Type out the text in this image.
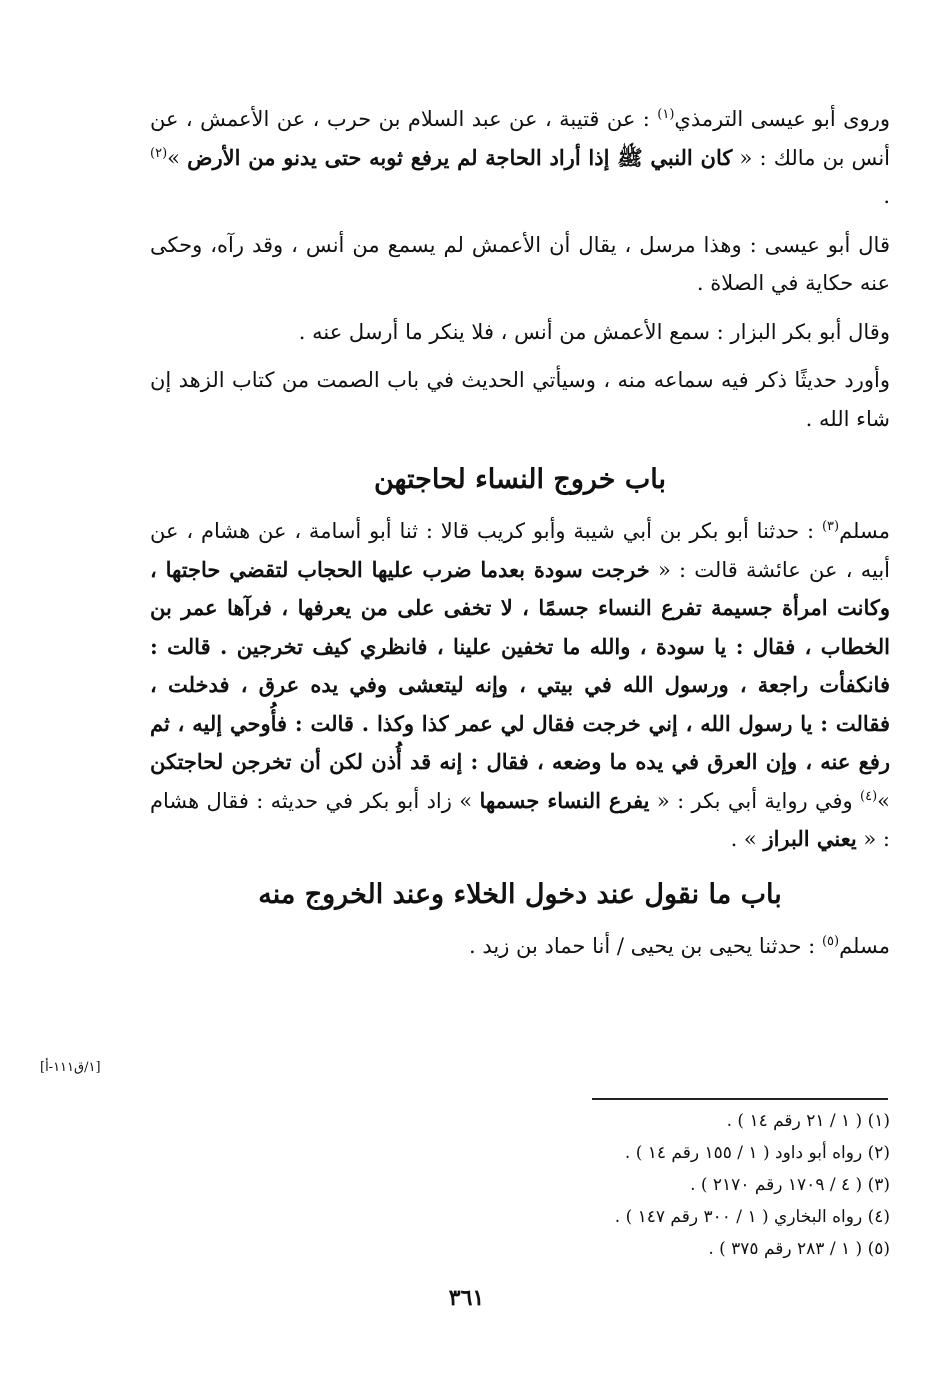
وروى أبو عيسى الترمذي$^{(١)}$ : عن قتيبة ، عن عبد السلام بن حرب ، عن الأعمش ، عن أنس بن مالك : « كان النبي ﷺ إذا أراد الحاجة لم يرفع ثوبه حتى يدنو من الأرض »$^{(٢)}$ .

قال أبو عيسى : وهذا مرسل ، يقال أن الأعمش لم يسمع من أنس ، وقد رآه، وحكى عنه حكاية في الصلاة .

وقال أبو بكر البزار : سمع الأعمش من أنس ، فلا ينكر ما أرسل عنه .

وأورد حديثًا ذكر فيه سماعه منه ، وسيأتي الحديث في باب الصمت من كتاب الزهد إن شاء الله .

باب خروج النساء لحاجتهن

مسلم$^{(٣)}$ : حدثنا أبو بكر بن أبي شيبة وأبو كريب قالا : ثنا أبو أسامة ، عن هشام ، عن أبيه ، عن عائشة قالت : « خرجت سودة بعدما ضرب عليها الحجاب لتقضي حاجتها ، وكانت امرأة جسيمة تفرع النساء جسمًا ، لا تخفى على من يعرفها ، فرآها عمر بن الخطاب ، فقال : يا سودة ، والله ما تخفين علينا ، فانظري كيف تخرجين . قالت : فانكفأت راجعة ، ورسول الله في بيتي ، وإنه ليتعشى وفي يده عرق ، فدخلت ، فقالت : يا رسول الله ، إني خرجت فقال لي عمر كذا وكذا . قالت : فأُوحي إليه ، ثم رفع عنه ، وإن العرق في يده ما وضعه ، فقال : إنه قد أُذن لكن أن تخرجن لحاجتكن »$^{(٤)}$ وفي رواية أبي بكر : « يفرع النساء جسمها » زاد أبو بكر في حديثه : فقال هشام : « يعني البراز » .

باب ما نقول عند دخول الخلاء وعند الخروج منه

مسلم$^{(٥)}$ : حدثنا يحيى بن يحيى / أنا حماد بن زيد .

[١/ق١١١-أ]
(١) ( ١ / ٢١ رقم ١٤ ) .
(٢) رواه أبو داود ( ١ / ١٥٥ رقم ١٤ ) .
(٣) ( ٤ / ١٧٠٩ رقم ٢١٧٠ ) .
(٤) رواه البخاري ( ١ / ٣٠٠ رقم ١٤٧ ) .
(٥) ( ١ / ٢٨٣ رقم ٣٧٥ ) .
٣٦١
